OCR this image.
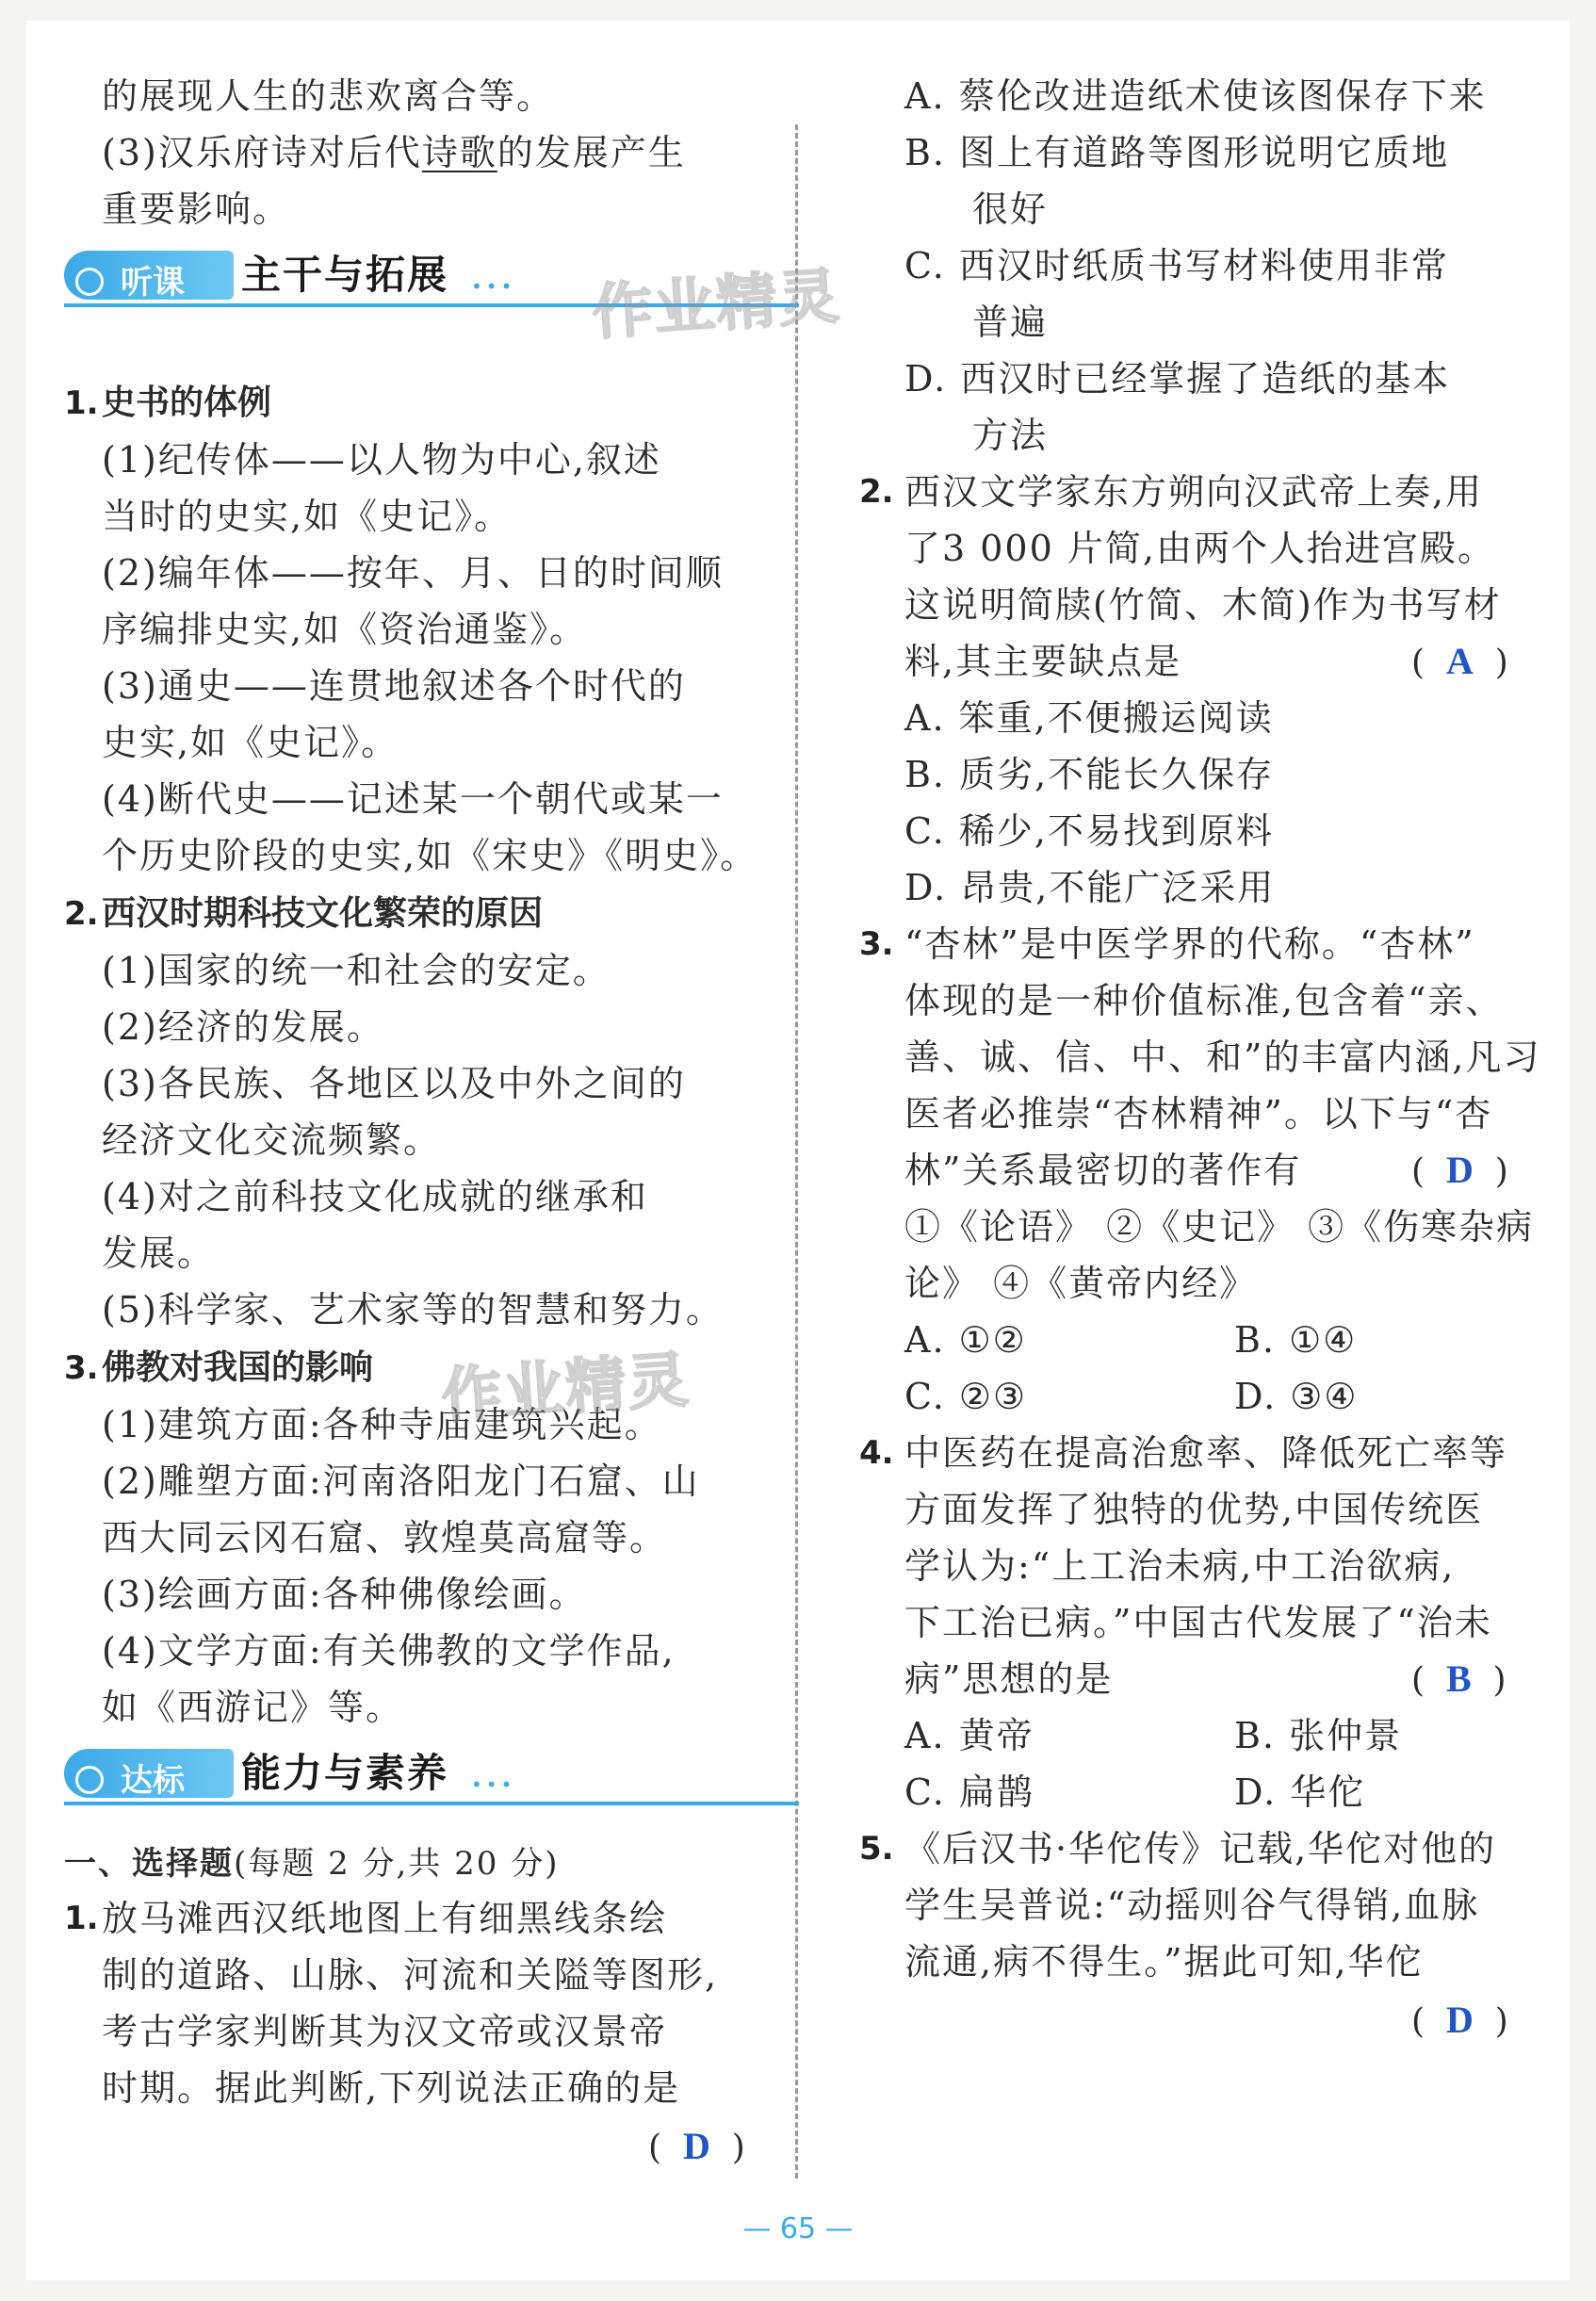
的展现人生的悲欢离合等。
(3)汉乐府诗对后代诗歌的发展产生
重要影响。
听课 主干与拓展 •••
1. 史书的体例
(1)纪传体——以人物为中心,叙述
当时的史实,如《史记》。
(2)编年体——按年、月、日的时间顺
序编排史实,如《资治通鉴》。
(3)通史——连贯地叙述各个时代的
史实,如《史记》。
(4)断代史——记述某一个朝代或某一
个历史阶段的史实,如《宋史》《明史》。
2. 西汉时期科技文化繁荣的原因
(1)国家的统一和社会的安定。
(2)经济的发展。
(3)各民族、各地区以及中外之间的
经济文化交流频繁。
(4)对之前科技文化成就的继承和
发展。
(5)科学家、艺术家等的智慧和努力。
3. 佛教对我国的影响
(1)建筑方面:各种寺庙建筑兴起。
(2)雕塑方面:河南洛阳龙门石窟、山
西大同云冈石窟、敦煌莫高窟等。
(3)绘画方面:各种佛像绘画。
(4)文学方面:有关佛教的文学作品,
如《西游记》等。
达标 能力与素养 •••
一、选择题(每题 2 分,共 20 分)
1. 放马滩西汉纸地图上有细黑线条绘
制的道路、山脉、河流和关隘等图形,
考古学家判断其为汉文帝或汉景帝
时期。据此判断,下列说法正确的是
(  D  )
A. 蔡伦改进造纸术使该图保存下来
B. 图上有道路等图形说明它质地
很好
C. 西汉时纸质书写材料使用非常
普遍
D. 西汉时已经掌握了造纸的基本
方法
2. 西汉文学家东方朔向汉武帝上奏,用
了3 000 片简,由两个人抬进宫殿。
这说明简牍(竹简、木简)作为书写材
料,其主要缺点是	(  A  )
A. 笨重,不便搬运阅读
B. 质劣,不能长久保存
C. 稀少,不易找到原料
D. 昂贵,不能广泛采用
3. “杏林”是中医学界的代称。“杏林”
体现的是一种价值标准,包含着“亲、
善、诚、信、中、和”的丰富内涵,凡习
医者必推崇“杏林精神”。以下与“杏
林”关系最密切的著作有	(  D  )
①《论语》 ②《史记》 ③《伤寒杂病
论》 ④《黄帝内经》
A. ①②	B. ①④
C. ②③	D. ③④
4. 中医药在提高治愈率、降低死亡率等
方面发挥了独特的优势,中国传统医
学认为:“上工治未病,中工治欲病,
下工治已病。”中国古代发展了“治未
病”思想的是	(  B  )
A. 黄帝	B. 张仲景
C. 扁鹊	D. 华佗
5. 《后汉书·华佗传》记载,华佗对他的
学生吴普说:“动摇则谷气得销,血脉
流通,病不得生。”据此可知,华佗
(  D  )
作业精灵
作业精灵
— 65 —
